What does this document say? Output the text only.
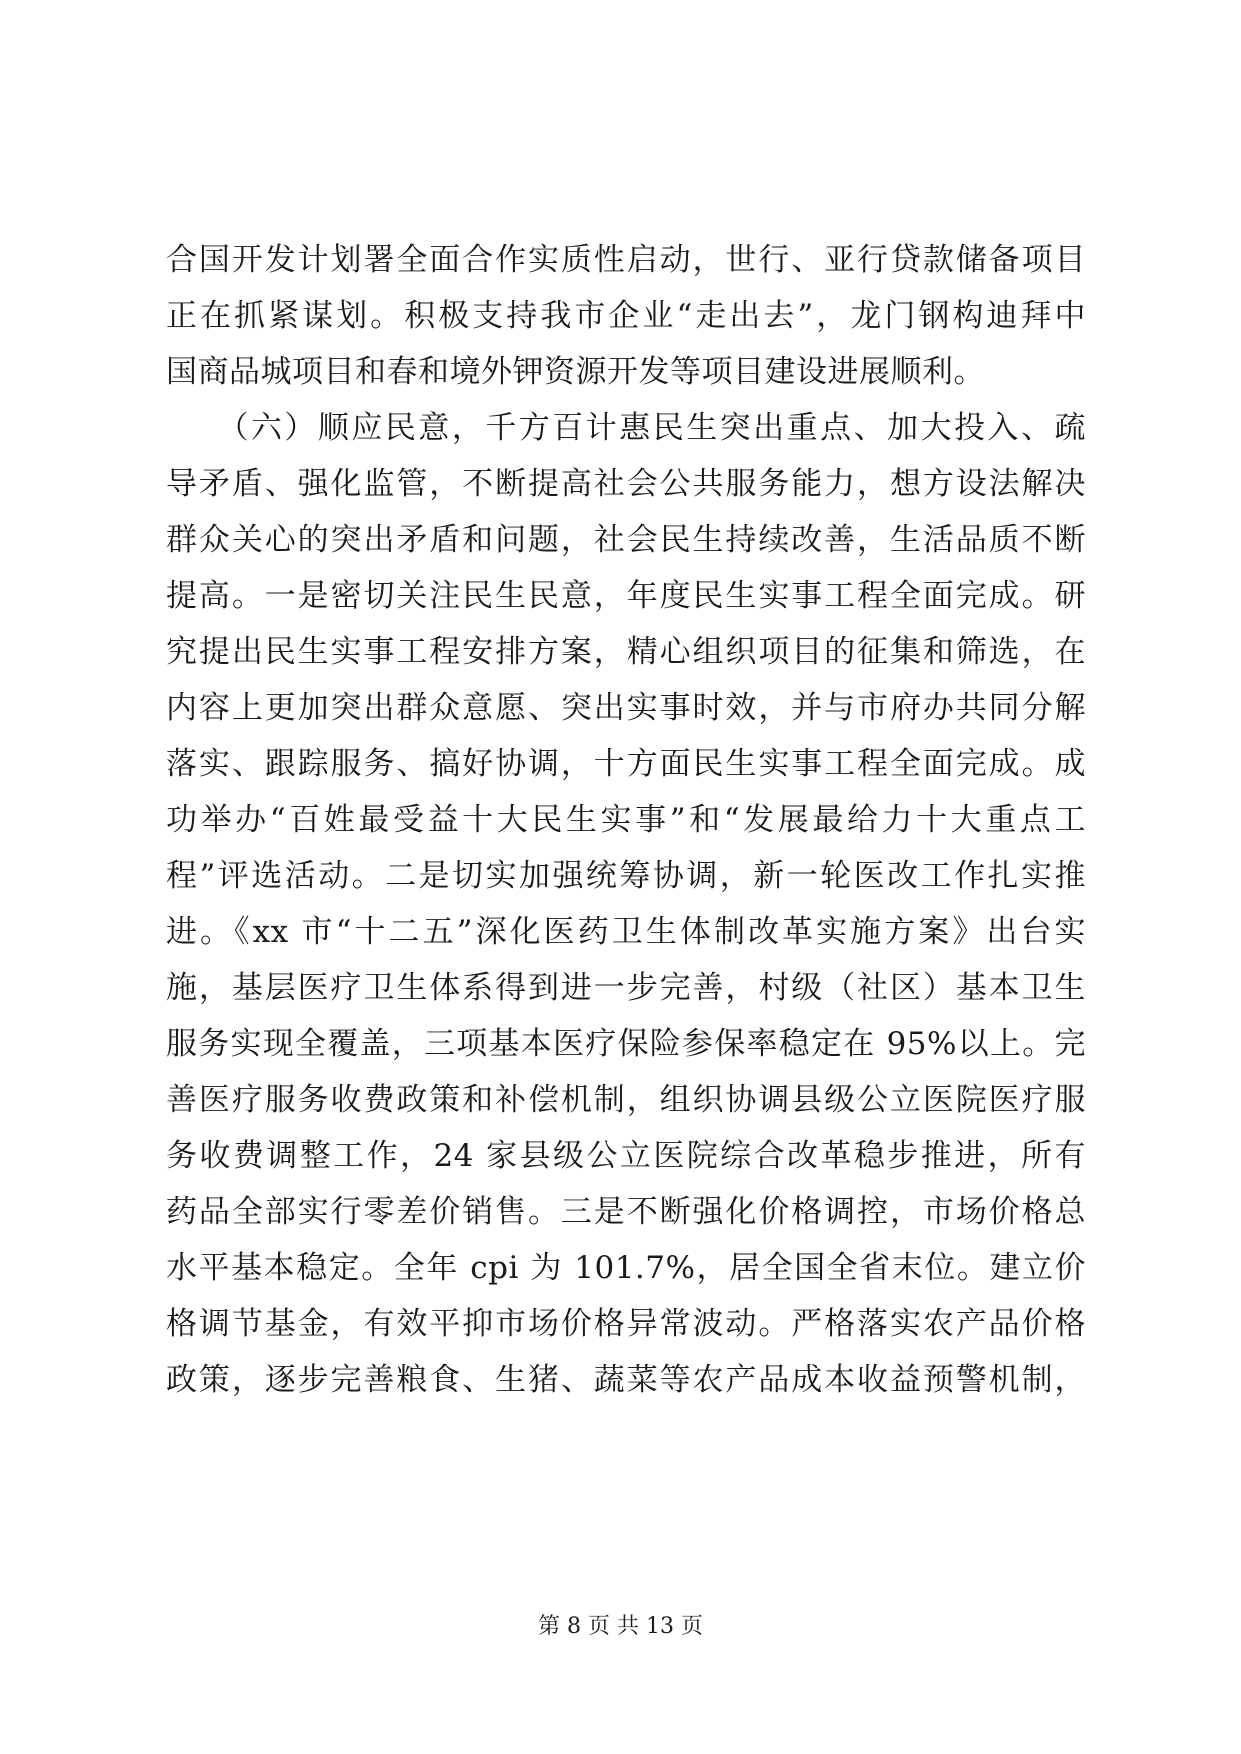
合国开发计划署全面合作实质性启动，世行、亚行贷款储备项目
正在抓紧谋划。积极支持我市企业“走出去”，龙门钢构迪拜中
国商品城项目和春和境外钾资源开发等项目建设进展顺利。
　　（六）顺应民意，千方百计惠民生突出重点、加大投入、疏
导矛盾、强化监管，不断提高社会公共服务能力，想方设法解决
群众关心的突出矛盾和问题，社会民生持续改善，生活品质不断
提高。一是密切关注民生民意，年度民生实事工程全面完成。研
究提出民生实事工程安排方案，精心组织项目的征集和筛选，在
内容上更加突出群众意愿、突出实事时效，并与市府办共同分解
落实、跟踪服务、搞好协调，十方面民生实事工程全面完成。成
功举办“百姓最受益十大民生实事”和“发展最给力十大重点工
程”评选活动。二是切实加强统筹协调，新一轮医改工作扎实推
进。《xx 市“十二五”深化医药卫生体制改革实施方案》出台实
施，基层医疗卫生体系得到进一步完善，村级（社区）基本卫生
服务实现全覆盖，三项基本医疗保险参保率稳定在 95%以上。完
善医疗服务收费政策和补偿机制，组织协调县级公立医院医疗服
务收费调整工作，24 家县级公立医院综合改革稳步推进，所有
药品全部实行零差价销售。三是不断强化价格调控，市场价格总
水平基本稳定。全年 cpi 为 101.7%，居全国全省末位。建立价
格调节基金，有效平抑市场价格异常波动。严格落实农产品价格
政策，逐步完善粮食、生猪、蔬菜等农产品成本收益预警机制，
第 8 页 共 13 页
